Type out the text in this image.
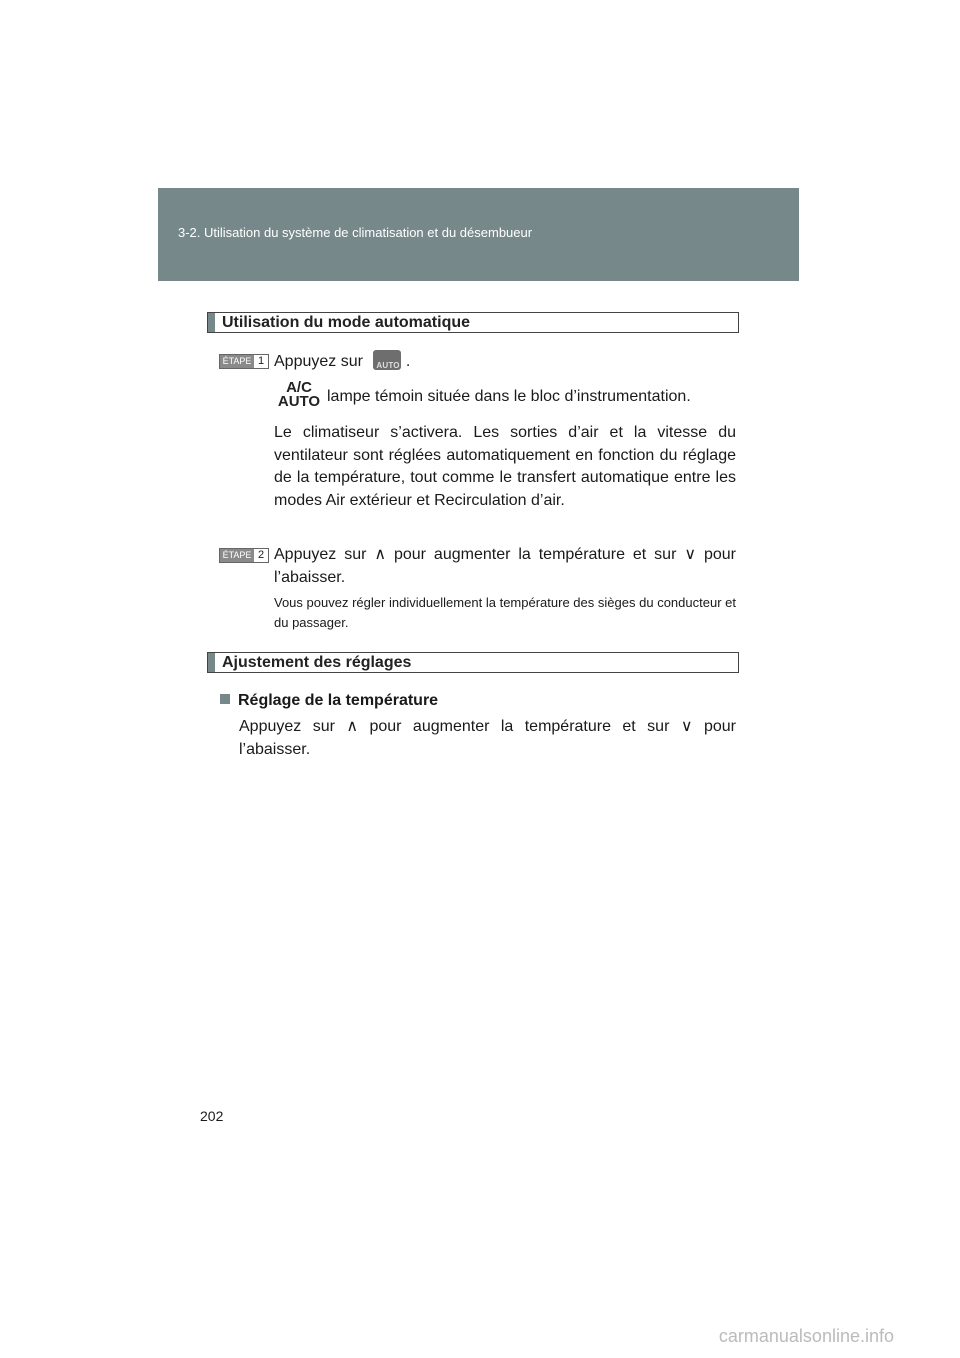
3-2. Utilisation du système de climatisation et du désembueur
Utilisation du mode automatique
ÉTAPE 1 Appuyez sur AUTO .
A/C
AUTO lampe témoin située dans le bloc d’instrumentation.
Le climatiseur s’activera. Les sorties d’air et la vitesse du ventilateur sont réglées automatiquement en fonction du réglage de la température, tout comme le transfert automatique entre les modes Air extérieur et Recirculation d’air.
ÉTAPE 2 Appuyez sur ∧ pour augmenter la température et sur ∨ pour l’abaisser.
Vous pouvez régler individuellement la température des sièges du conducteur et du passager.
Ajustement des réglages
Réglage de la température
Appuyez sur ∧ pour augmenter la température et sur ∨ pour l’abaisser.
202
carmanualsonline.info
